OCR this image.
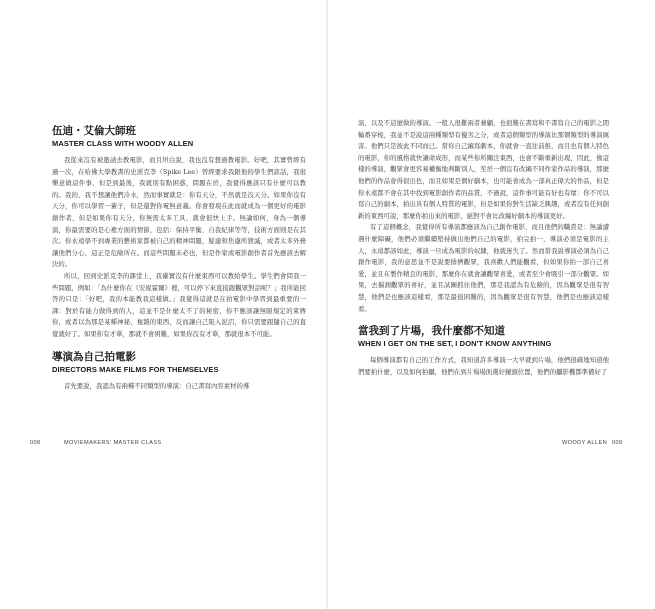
伍迪・艾倫大師班

MASTER CLASS WITH WOODY ALLEN

我從來沒有被邀請去教電影，而且坦白說，我也沒有想過教電影。好吧，其實曾經有過一次，在哈佛大學教書的史派克李（Spike Lee）曾經要求我跟他的學生們談話，我很樂意做這件事，但是到最後，我就別有點困惑，問題在於，我覺得應該只有什麼可以教的。我的，我不想讓他們冷水，然而事實就是：你有天分，不然就是沒天分。如果你沒有天分，你可以學習一輩子，但是還對你電無意義。你會發現在此而就成為一個更好的電影創作者，但是如果你有天分，你無需太多工具，就會很快上手。無論如何，身為一個導演，你最需要的是心裡方面的情節，包括：保持平衡，自我紀律等等，技術方面則是在其次。你永遠學不到專業的藝術家都被自己的精神問題，疑慮和焦慮所毀滅，或者太多外務讓他們分心，這正是危險所在。而這些問題未必也，但是作家或電影創作者首先應該去解決的。

所以，回到史派克李的課堂上，我確實沒有什麼東西可以教給學生。學生們會問我一些問題，例如：「為什麼你在《安妮霍爾》裡，可以停下來直接跟觀眾對話呢？」我所能回答的只是：「好吧，我的本能教我這樣做。」我覺得這就是在拍電影中學習到最重要的一課：對於有能力做得到的人，這並不是什麼太不了的秘密，你不應該讓無限規定的束縛你，或者以為那是某種神秘、複雜的東西，反而讓自己陷入泥沼，你只需要跟隨自己的直覺就好了。如果你有才華，那就不會困難，如果你沒有才華，那就很本不可能。

導演為自己拍電影

DIRECTORS MAKE FILMS FOR THEMSELVES

首先要說，我認為有兩種不同類型的導演：自己書寫內容素材的導

008	MOVIEMAKERS' MASTER CLASS

演，以及不這麼做的導演。一般人很難兩者兼顧，也很難在書寫和不書寫自己的電影之間輪番穿梭，我並不是說這兩種類型有優劣之分，或者這個類型的導演比那個類型的導演厲害。他們只是彼此不同而已。當你自己編寫劇本，你就會一直往前推，而且也有個人特色的電影，你的風格就快讓命成形，而某些你所關注東西，也會不斷重新出現，因此，像這樣的導演，觀眾會更容易權衡地判斷別人，至於一個沒有改編不同作家作品的導演，那麼他們的作品會得很出色，而且如果是個好劇本，也可能會成為一部真正偉大的作品，但是你永遠都不會在其中找到電影創作者的品質，不過說，這件事可能有好也有壞：你不可以寫自己的劇本，拍出具有個人特質的電影，但是如果你對生活缺乏興趣，或者沒有任何創新的東西可說，那麼你拍出來的電影，絕對不會比改編好劇本的導演更好。

有了這個概念，我覺得所有導演都應該為自己創作電影，而且他們的職責是：無論遭遇什麼障礙，他們必須繼續堅持做出他們自己的電影，拍完拍一，導演必須是電影的主人，永遠都該如此，導演一旦成為電影的奴隸，他就迷失了。然而當我說導演必須為自己創作電影，我的意思並不是說要排擠觀眾，我喜歡人們能觀看，但如果你拍一部自己喜愛，並且在製作精良的電影，那麼你在就會讓觀眾喜愛，或者至少會吸引一部分觀眾。如果，去揣測觀眾的喜好，並且試圖抓住他們，那是我認為有危險的，因為觀眾是很有智慧，他們是也應該這樣看，那是最很困難的，因為觀眾是很有智慧，他們是也應該這樣看。

當我到了片場，我什麼都不知道

WHEN I GET ON THE SET, I DON'T KNOW ANYTHING

每個導演都有自己的工作方式，我知道許多導演一大早就到片場，他們很確地知道他們要拍什麼，以及如何拍攝，他們在到片場場面選好鏡頭位置，他們的攝影機都準備好了

WOODY ALLEN 009
